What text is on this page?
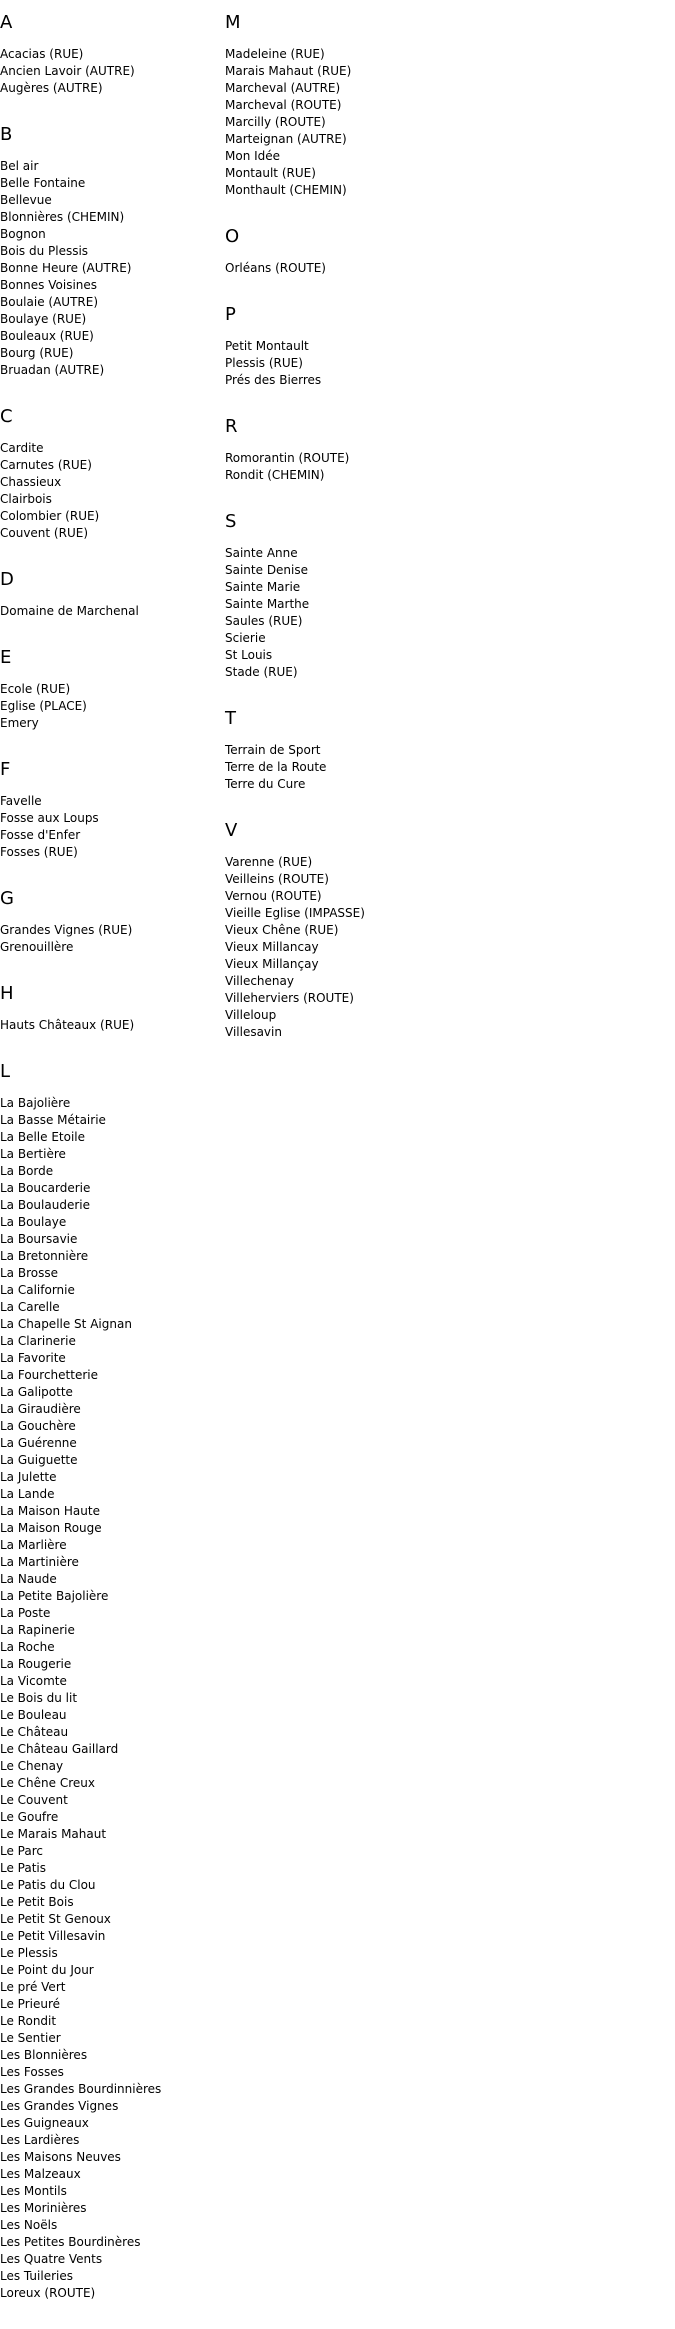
A
Acacias (RUE)
Ancien Lavoir (AUTRE)
Augères (AUTRE)
B
Bel air
Belle Fontaine
Bellevue
Blonnières (CHEMIN)
Bognon
Bois du Plessis
Bonne Heure (AUTRE)
Bonnes Voisines
Boulaie (AUTRE)
Boulaye (RUE)
Bouleaux (RUE)
Bourg (RUE)
Bruadan (AUTRE)
C
Cardite
Carnutes (RUE)
Chassieux
Clairbois
Colombier (RUE)
Couvent (RUE)
D
Domaine de Marchenal
E
Ecole (RUE)
Eglise (PLACE)
Emery
F
Favelle
Fosse aux Loups
Fosse d'Enfer
Fosses (RUE)
G
Grandes Vignes (RUE)
Grenouillère
H
Hauts Châteaux (RUE)
L
La Bajolière
La Basse Métairie
La Belle Etoile
La Bertière
La Borde
La Boucarderie
La Boulauderie
La Boulaye
La Boursavie
La Bretonnière
La Brosse
La Californie
La Carelle
La Chapelle St Aignan
La Clarinerie
La Favorite
La Fourchetterie
La Galipotte
La Giraudière
La Gouchère
La Guérenne
La Guiguette
La Julette
La Lande
La Maison Haute
La Maison Rouge
La Marlière
La Martinière
La Naude
La Petite Bajolière
La Poste
La Rapinerie
La Roche
La Rougerie
La Vicomte
Le Bois du lit
Le Bouleau
Le Château
Le Château Gaillard
Le Chenay
Le Chêne Creux
Le Couvent
Le Goufre
Le Marais Mahaut
Le Parc
Le Patis
Le Patis du Clou
Le Petit Bois
Le Petit St Genoux
Le Petit Villesavin
Le Plessis
Le Point du Jour
Le pré Vert
Le Prieuré
Le Rondit
Le Sentier
Les Blonnières
Les Fosses
Les Grandes Bourdinnières
Les Grandes Vignes
Les Guigneaux
Les Lardières
Les Maisons Neuves
Les Malzeaux
Les Montils
Les Morinières
Les Noëls
Les Petites Bourdinères
Les Quatre Vents
Les Tuileries
Loreux (ROUTE)
M
Madeleine (RUE)
Marais Mahaut (RUE)
Marcheval (AUTRE)
Marcheval (ROUTE)
Marcilly (ROUTE)
Marteignan (AUTRE)
Mon Idée
Montault (RUE)
Monthault (CHEMIN)
O
Orléans (ROUTE)
P
Petit Montault
Plessis (RUE)
Prés des Bierres
R
Romorantin (ROUTE)
Rondit (CHEMIN)
S
Sainte Anne
Sainte Denise
Sainte Marie
Sainte Marthe
Saules (RUE)
Scierie
St Louis
Stade (RUE)
T
Terrain de Sport
Terre de la Route
Terre du Cure
V
Varenne (RUE)
Veilleins (ROUTE)
Vernou (ROUTE)
Vieille Eglise (IMPASSE)
Vieux Chêne (RUE)
Vieux Millancay
Vieux Millançay
Villechenay
Villeherviers (ROUTE)
Villeloup
Villesavin
